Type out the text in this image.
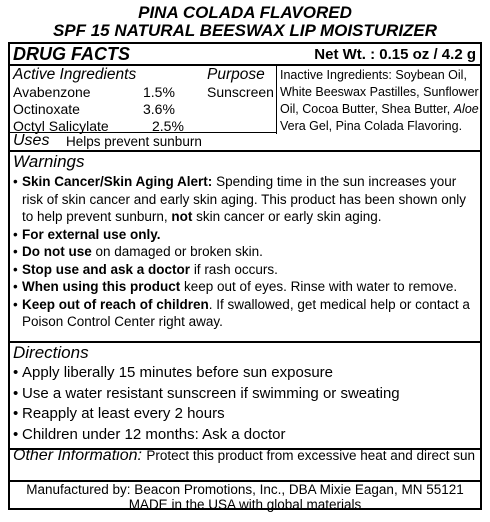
PINA COLADA FLAVORED
SPF 15 NATURAL BEESWAX LIP MOISTURIZER
DRUG FACTS	Net Wt. : 0.15 oz / 4.2 g
Active Ingredients
Avabenzone	1.5%
Octinoxate	3.6%
Octyl Salicylate	2.5%
Purpose
Sunscreen
Inactive Ingredients: Soybean Oil, White Beeswax Pastilles, Sunflower Oil, Cocoa Butter, Shea Butter, Aloe Vera Gel, Pina Colada Flavoring.
Uses Helps prevent sunburn
Warnings
• Skin Cancer/Skin Aging Alert: Spending time in the sun increases your risk of skin cancer and early skin aging. This product has been shown only to help prevent sunburn, not skin cancer or early skin aging.
• For external use only.
• Do not use on damaged or broken skin.
• Stop use and ask a doctor if rash occurs.
• When using this product keep out of eyes. Rinse with water to remove.
• Keep out of reach of children. If swallowed, get medical help or contact a Poison Control Center right away.
Directions
• Apply liberally 15 minutes before sun exposure
• Use a water resistant sunscreen if swimming or sweating
• Reapply at least every 2 hours
• Children under 12 months: Ask a doctor
Other Information: Protect this product from excessive heat and direct sun
Manufactured by: Beacon Promotions, Inc., DBA Mixie Eagan, MN 55121
MADE in the USA with global materials
